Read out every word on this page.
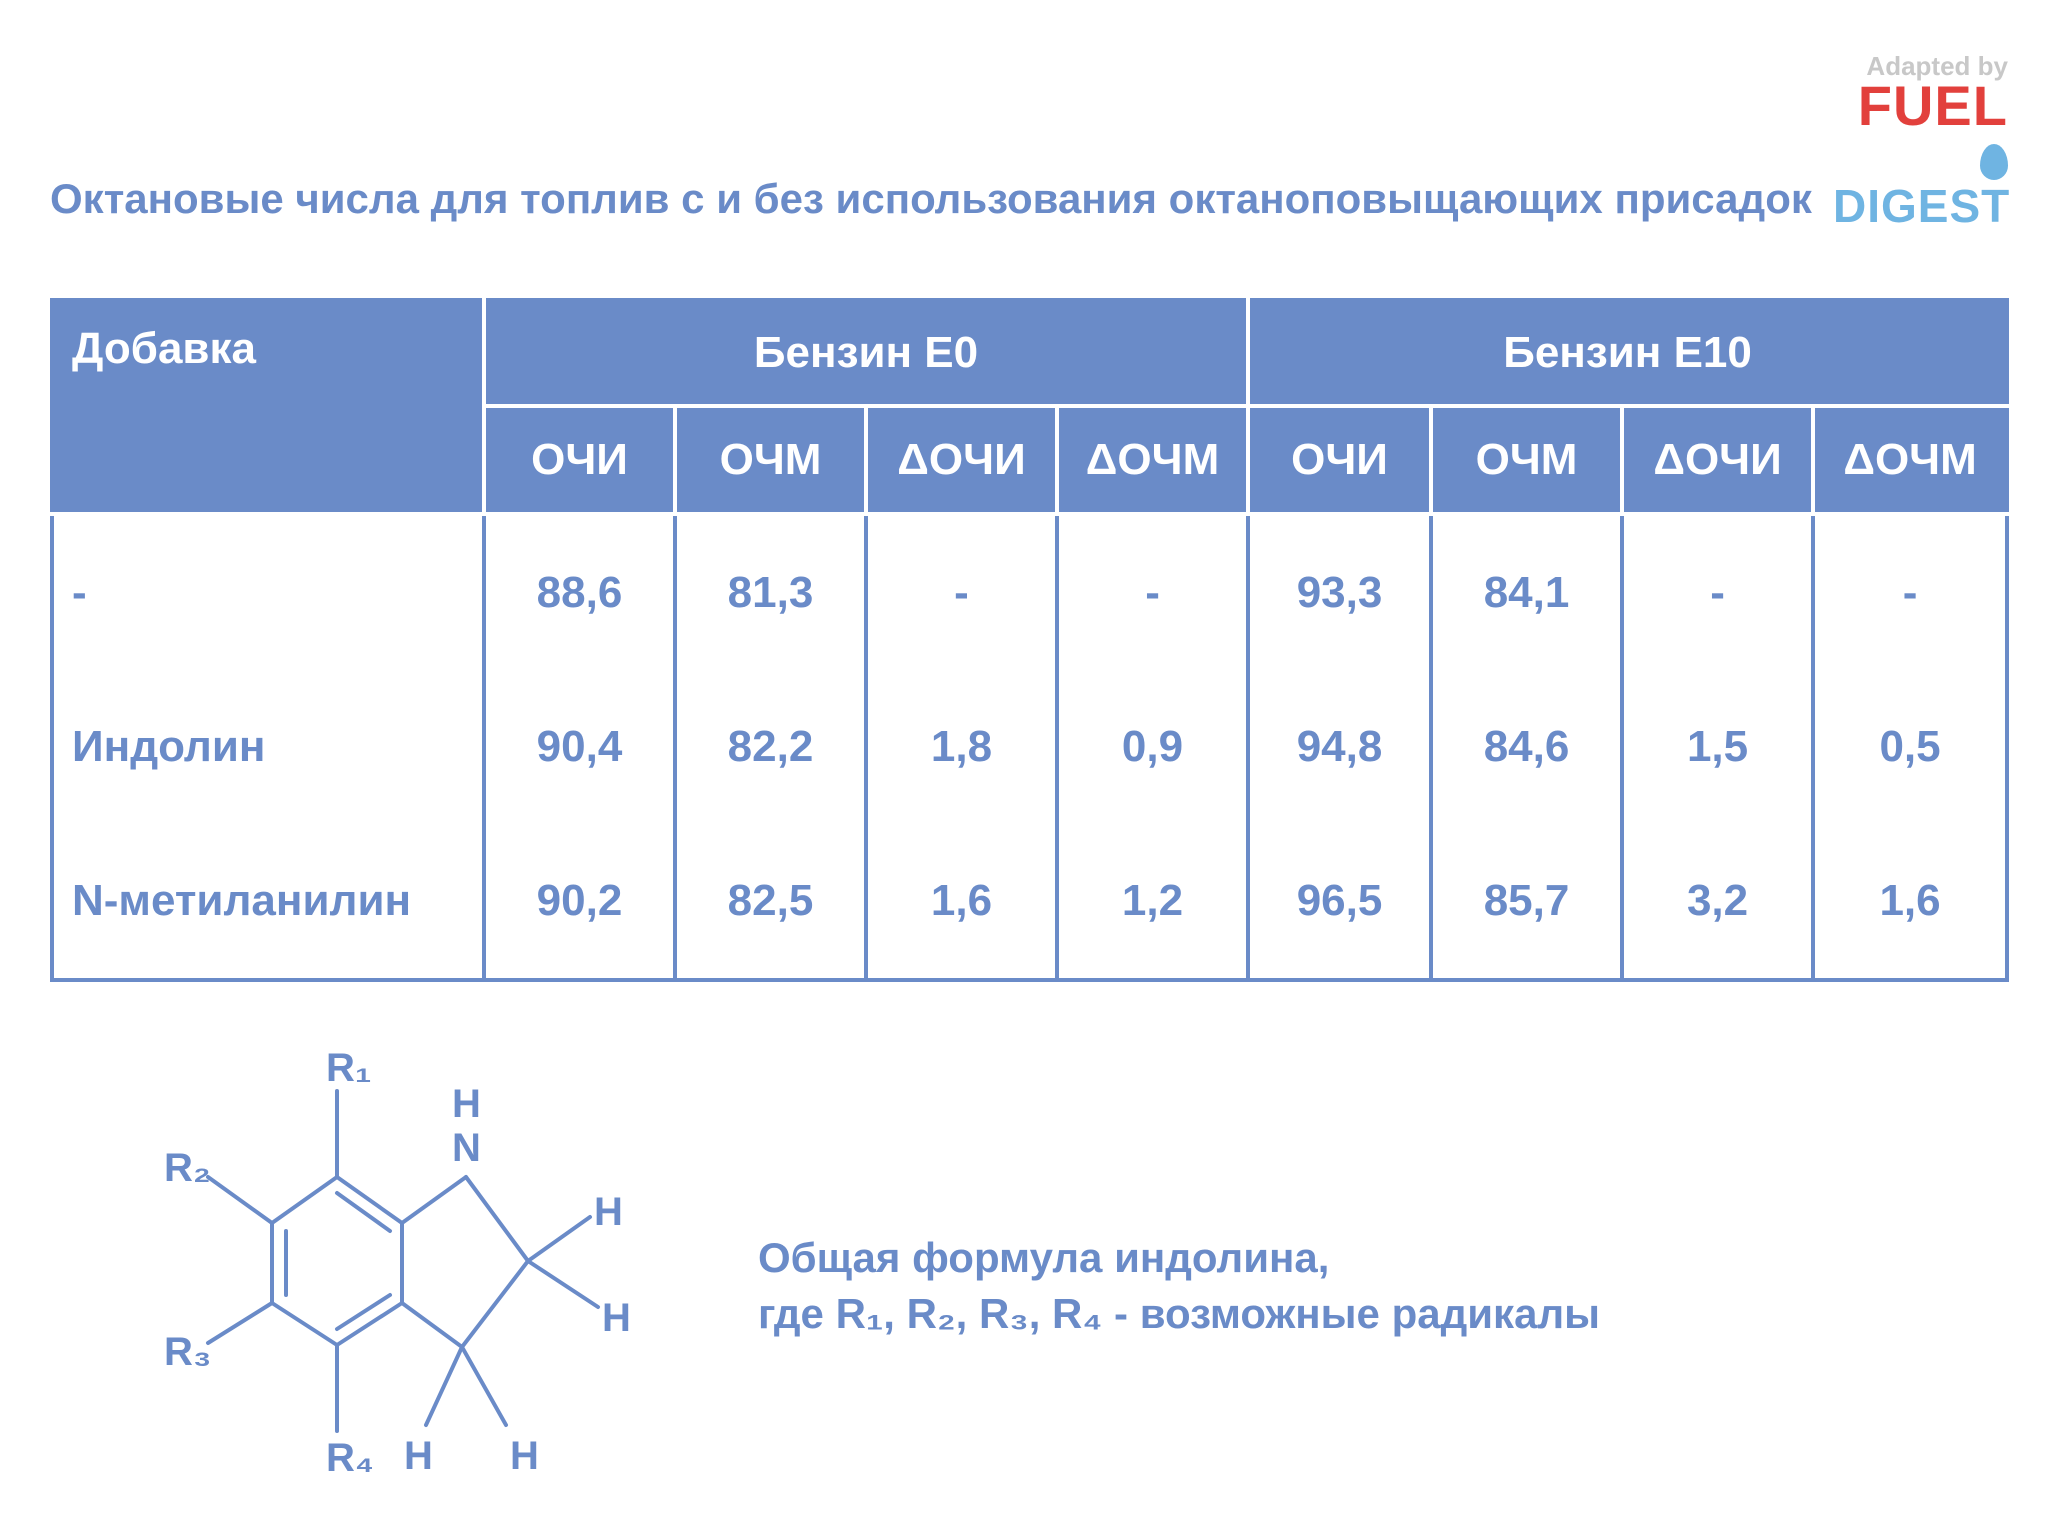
Adapted by
FUEL
DIGEST
Октановые числа для топлив с и без использования октаноповыщающих присадок
Добавка	Бензин Е0				Бензин Е10			
	ОЧИ	ОЧМ	ΔОЧИ	ΔОЧМ	ОЧИ	ОЧМ	ΔОЧИ	ΔОЧМ
-	88,6	81,3	-	-	93,3	84,1	-	-
Индолин	90,4	82,2	1,8	0,9	94,8	84,6	1,5	0,5
N-метиланилин	90,2	82,5	1,6	1,2	96,5	85,7	3,2	1,6
R₁
R₂
R₃
R₄
H
N
H
H
H H
Общая формула индолина,
где R₁, R₂, R₃, R₄ - возможные радикалы
